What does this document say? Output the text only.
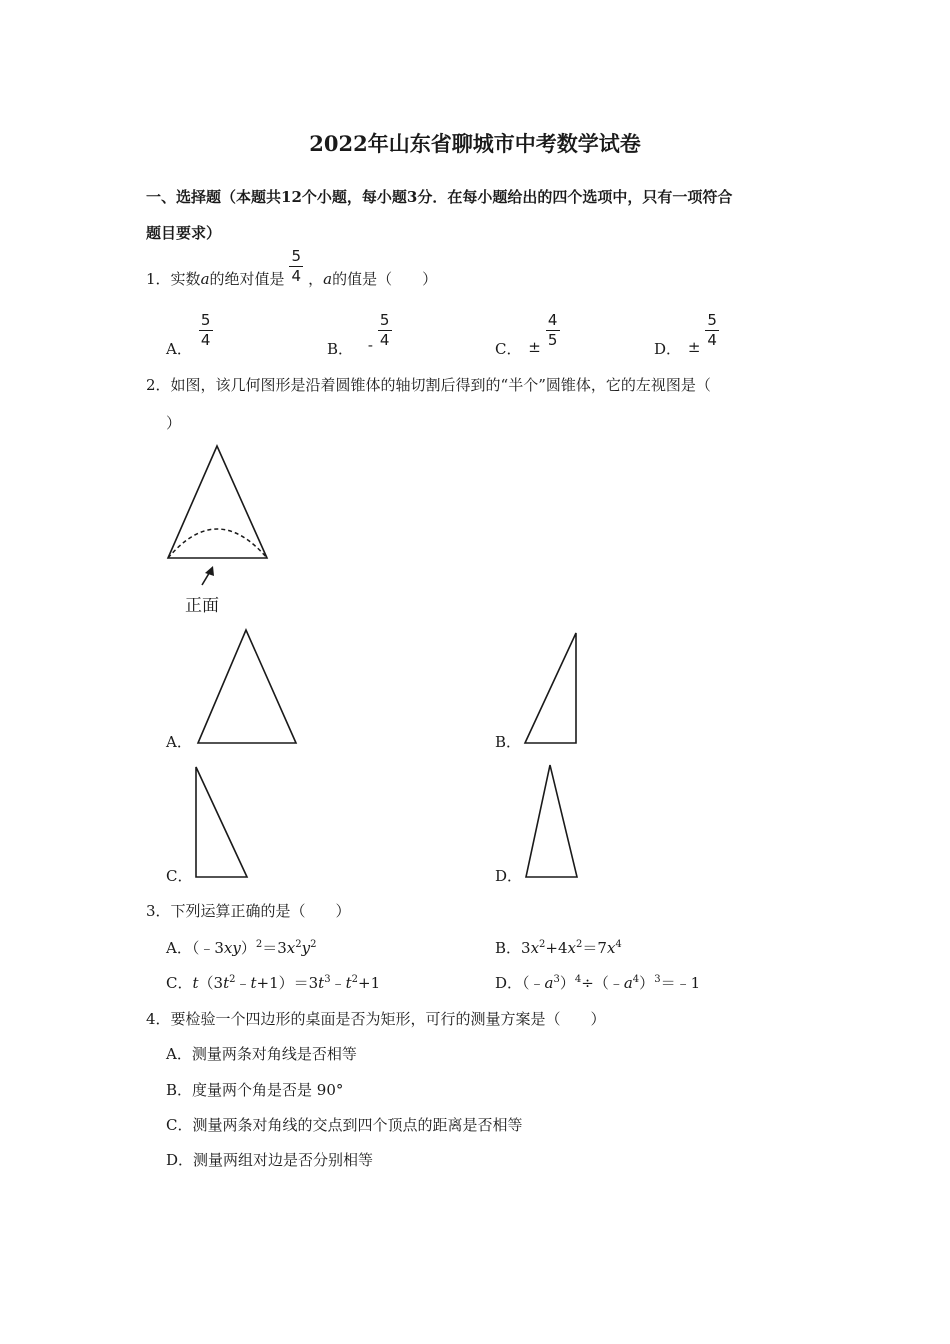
2022年山东省聊城市中考数学试卷
一、选择题（本题共12个小题，每小题3分．在每小题给出的四个选项中，只有一项符合
题目要求）
1．实数a的绝对值是 $\frac{5}{4}$ ，a的值是（　　）
A． $\frac{5}{4}$	B． - $\frac{5}{4}$	C． ± $\frac{4}{5}$	D． ± $\frac{5}{4}$
2．如图，该几何图形是沿着圆锥体的轴切割后得到的“半个”圆锥体，它的左视图是（
）
正面
A．	B．
C．	D．
3．下列运算正确的是（　　）
A．$(﹣3xy)^2=3x^2y^2$	B．$3x^2+4x^2=7x^4$
C．$t(3t^2﹣t+1)=3t^3﹣t^2+1$	D．$(﹣a^3)^4\div(﹣a^4)^3=﹣1$
4．要检验一个四边形的桌面是否为矩形，可行的测量方案是（　　）
A．测量两条对角线是否相等
B．度量两个角是否是 90°
C．测量两条对角线的交点到四个顶点的距离是否相等
D．测量两组对边是否分别相等
